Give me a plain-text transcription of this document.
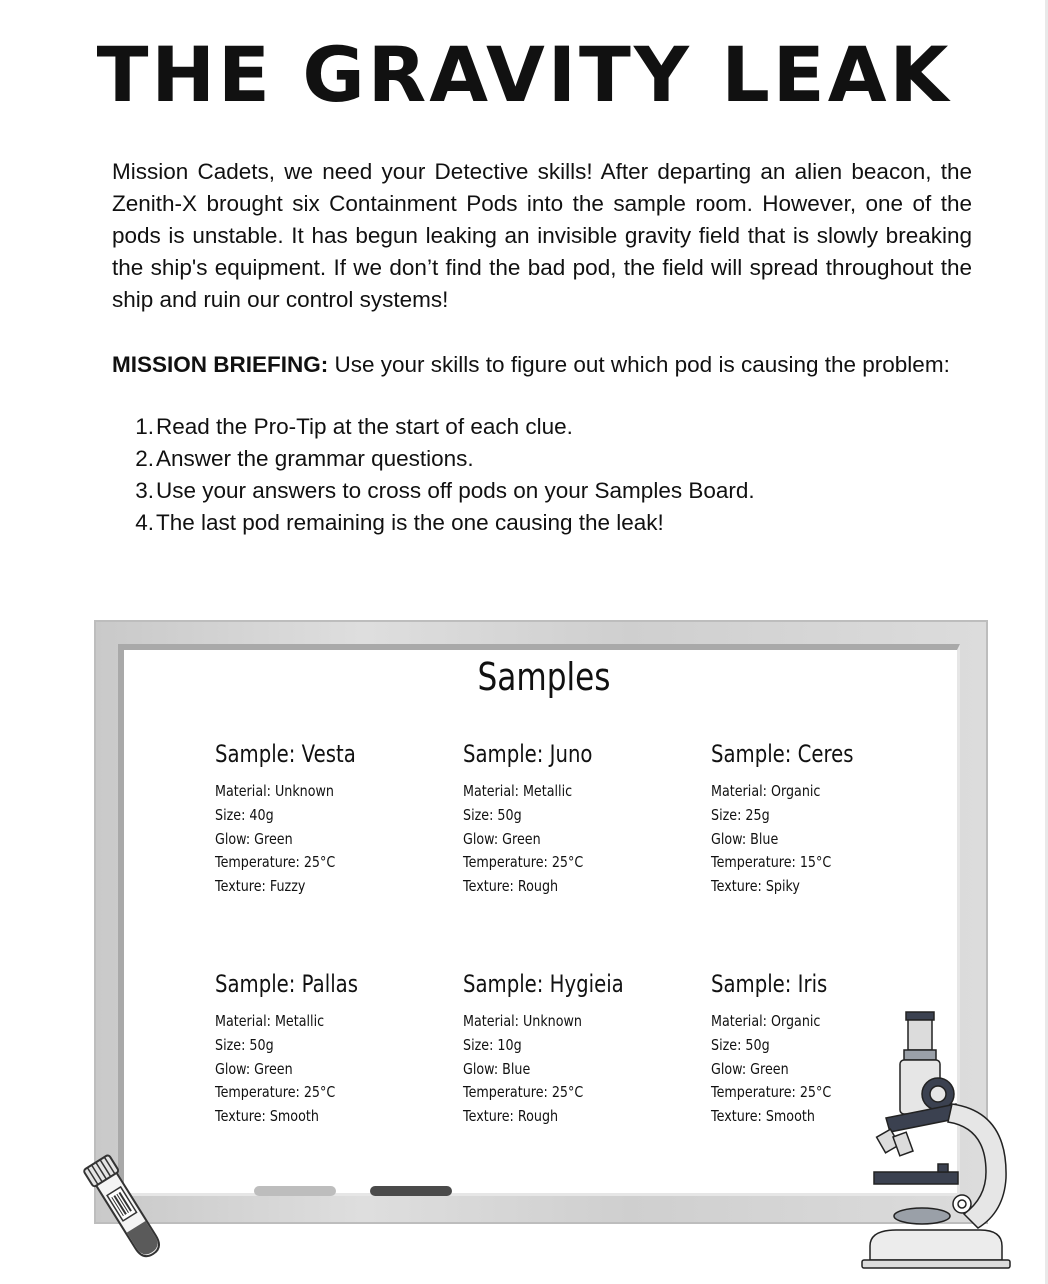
THE GRAVITY LEAK

Mission Cadets, we need your Detective skills! After departing an alien beacon, the Zenith-X brought six Containment Pods into the sample room. However, one of the pods is unstable. It has begun leaking an invisible gravity field that is slowly breaking the ship's equipment. If we don’t find the bad pod, the field will spread throughout the ship and ruin our control systems!

MISSION BRIEFING: Use your skills to figure out which pod is causing the problem:

1. Read the Pro-Tip at the start of each clue.
2. Answer the grammar questions.
3. Use your answers to cross off pods on your Samples Board.
4. The last pod remaining is the one causing the leak!
Samples
Sample: Vesta
Material: Unknown
Size: 40g
Glow: Green
Temperature: 25°C
Texture: Fuzzy
Sample: Juno
Material: Metallic
Size: 50g
Glow: Green
Temperature: 25°C
Texture: Rough
Sample: Ceres
Material: Organic
Size: 25g
Glow: Blue
Temperature: 15°C
Texture: Spiky
Sample: Pallas
Material: Metallic
Size: 50g
Glow: Green
Temperature: 25°C
Texture: Smooth
Sample: Hygieia
Material: Unknown
Size: 10g
Glow: Blue
Temperature: 25°C
Texture: Rough
Sample: Iris
Material: Organic
Size: 50g
Glow: Green
Temperature: 25°C
Texture: Smooth
